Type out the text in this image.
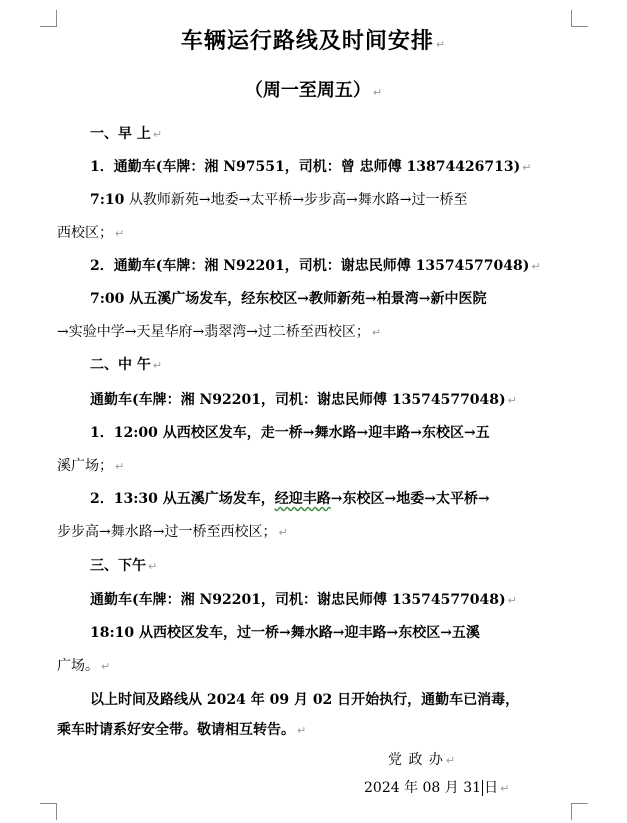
车辆运行路线及时间安排 ↵
（周一至周五） ↵
一、早 上 ↵
1．通勤车(车牌：湘 N97551，司机：曾 忠师傅 13874426713) ↵
7:10 从教师新苑→地委→太平桥→步步高→舞水路→过一桥至
西校区； ↵
2．通勤车(车牌：湘 N92201，司机：谢忠民师傅 13574577048) ↵
7:00 从五溪广场发车，经东校区→教师新苑→柏景湾→新中医院
→实验中学→天星华府→翡翠湾→过二桥至西校区； ↵
二、中 午 ↵
通勤车(车牌：湘 N92201，司机：谢忠民师傅 13574577048) ↵
1．12:00 从西校区发车，走一桥→舞水路→迎丰路→东校区→五
溪广场； ↵
2．13:30 从五溪广场发车，经迎丰路→东校区→地委→太平桥→
步步高→舞水路→过一桥至西校区； ↵
三、下午 ↵
通勤车(车牌：湘 N92201，司机：谢忠民师傅 13574577048) ↵
18:10 从西校区发车，过一桥→舞水路→迎丰路→东校区→五溪
广场。 ↵
以上时间及路线从 2024 年 09 月 02 日开始执行，通勤车已消毒，
乘车时请系好安全带。敬请相互转告。 ↵
党 政 办 ↵
2024 年 08 月 31 日 ↵
